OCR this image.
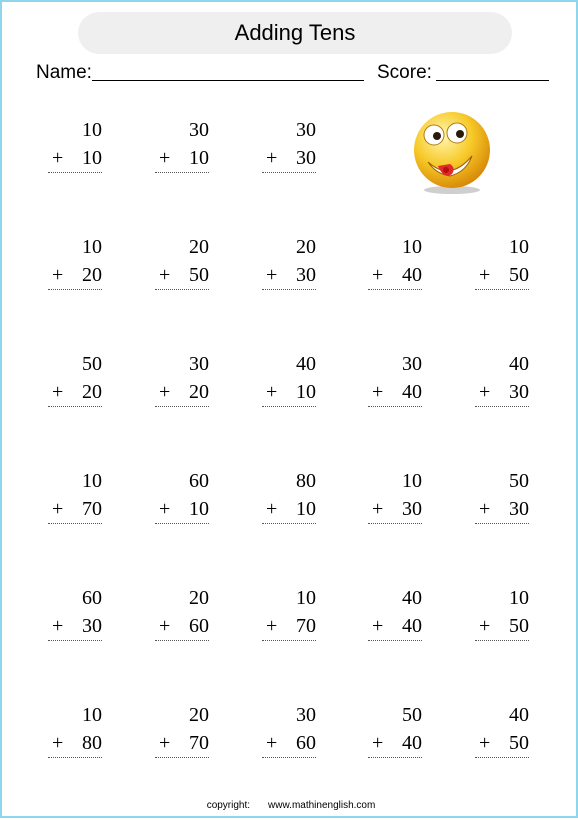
Adding Tens
Name:	Score:
10
+ 10
30
+ 10
30
+ 30
10
+ 20
20
+ 50
20
+ 30
10
+ 40
10
+ 50
50
+ 20
30
+ 20
40
+ 10
30
+ 40
40
+ 30
10
+ 70
60
+ 10
80
+ 10
10
+ 30
50
+ 30
60
+ 30
20
+ 60
10
+ 70
40
+ 40
10
+ 50
10
+ 80
20
+ 70
30
+ 60
50
+ 40
40
+ 50
copyright: www.mathinenglish.com
